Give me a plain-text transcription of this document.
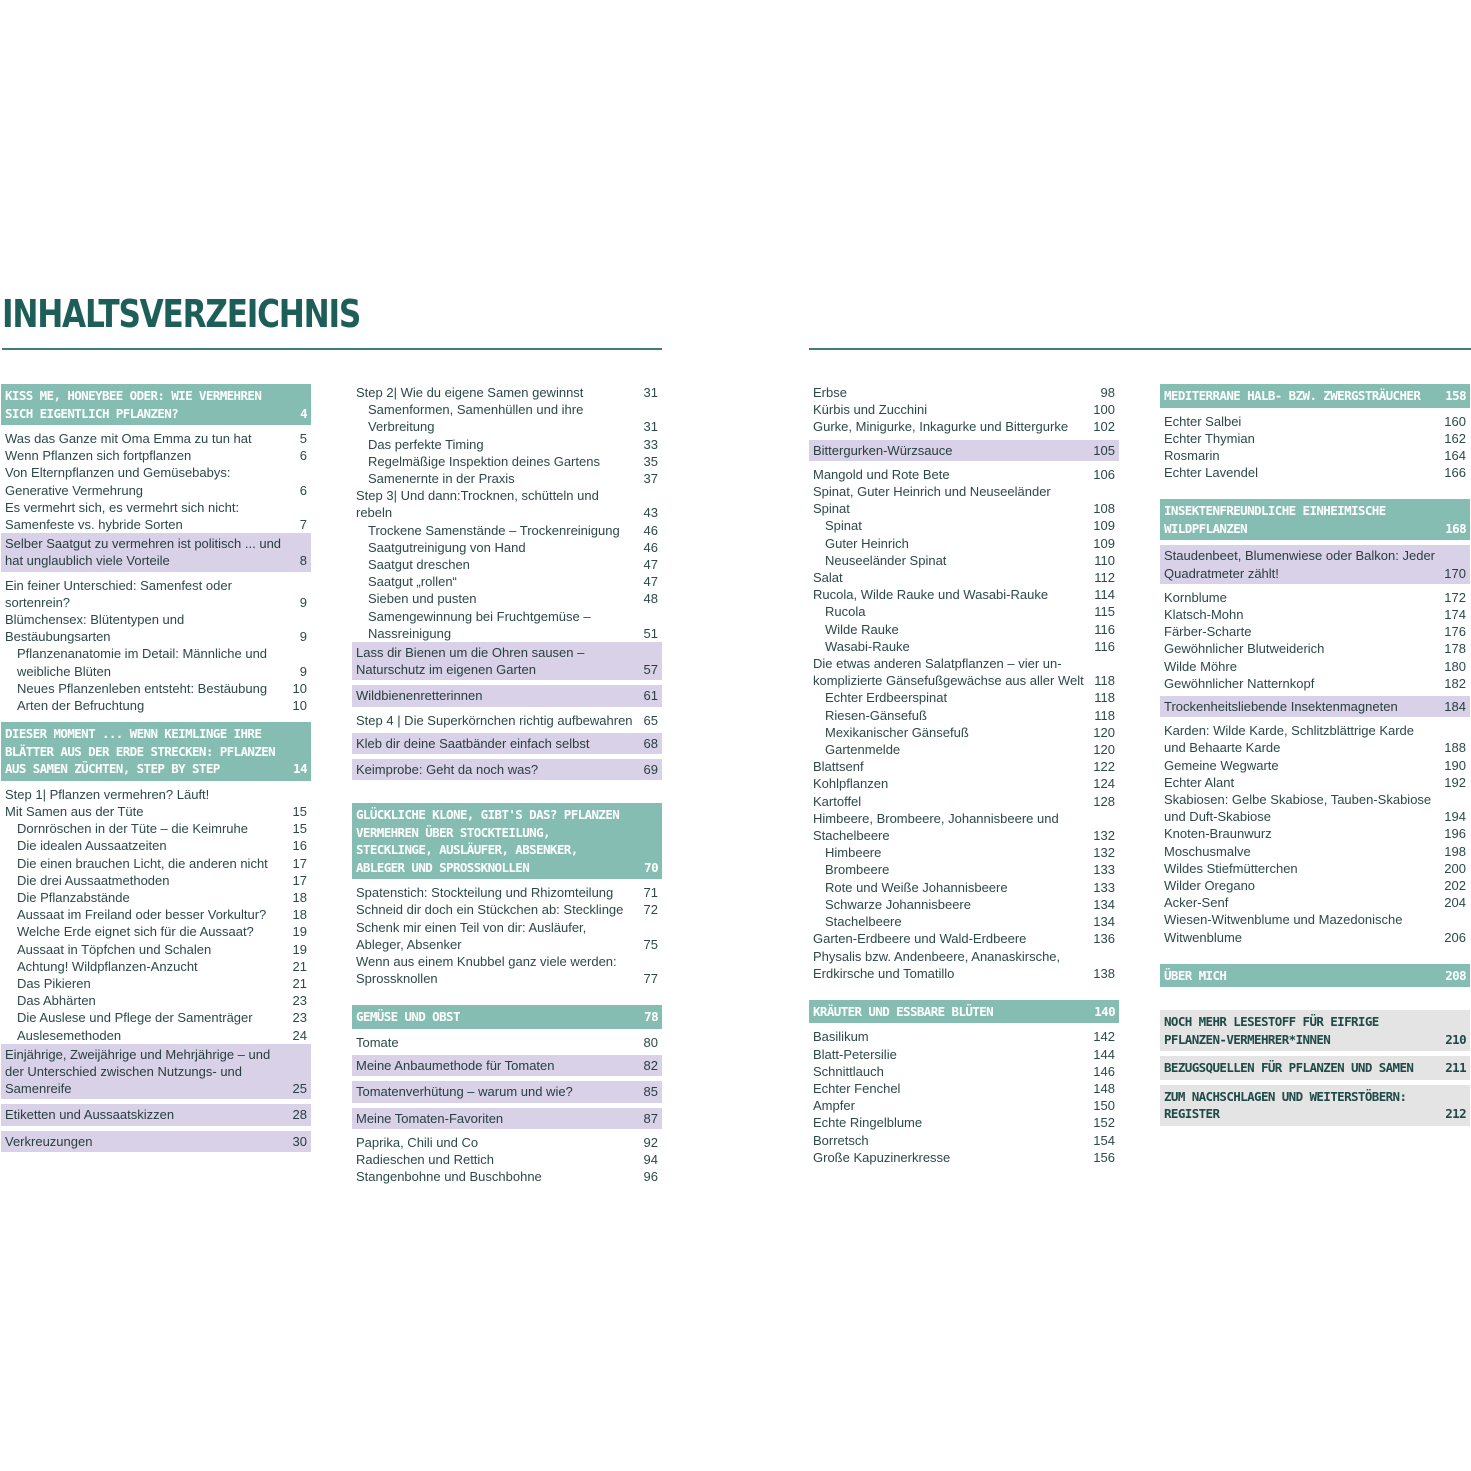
INHALTSVERZEICHNIS
KISS ME, HONEYBEE ODER: WIE VERMEHREN SICH EIGENTLICH PFLANZEN?	4
Was das Ganze mit Oma Emma zu tun hat	5
Wenn Pflanzen sich fortpflanzen	6
Von Elternpflanzen und Gemüsebabys: Generative Vermehrung	6
Es vermehrt sich, es vermehrt sich nicht: Samenfeste vs. hybride Sorten	7
Selber Saatgut zu vermehren ist politisch ... und hat unglaublich viele Vorteile	8
Ein feiner Unterschied: Samenfest oder sortenrein?	9
Blümchensex: Blütentypen und Bestäubungsarten	9
Pflanzenanatomie im Detail: Männliche und weibliche Blüten	9
Neues Pflanzenleben entsteht: Bestäubung	10
Arten der Befruchtung	10
DIESER MOMENT ... WENN KEIMLINGE IHRE BLÄTTER AUS DER ERDE STRECKEN: PFLANZEN AUS SAMEN ZÜCHTEN, STEP BY STEP	14
Step 1| Pflanzen vermehren? Läuft!
Mit Samen aus der Tüte	15
Dornröschen in der Tüte – die Keimruhe	15
Die idealen Aussaatzeiten	16
Die einen brauchen Licht, die anderen nicht	17
Die drei Aussaatmethoden	17
Die Pflanzabstände	18
Aussaat im Freiland oder besser Vorkultur?	18
Welche Erde eignet sich für die Aussaat?	19
Aussaat in Töpfchen und Schalen	19
Achtung! Wildpflanzen-Anzucht	21
Das Pikieren	21
Das Abhärten	23
Die Auslese und Pflege der Samenträger	23
Auslesemethoden	24
Einjährige, Zweijährige und Mehrjährige – und der Unterschied zwischen Nutzungs- und Samenreife	25
Etiketten und Aussaatskizzen	28
Verkreuzungen	30
Step 2| Wie du eigene Samen gewinnst	31
Samenformen, Samenhüllen und ihre Verbreitung	31
Das perfekte Timing	33
Regelmäßige Inspektion deines Gartens	35
Samenernte in der Praxis	37
Step 3| Und dann:Trocknen, schütteln und rebeln	43
Trockene Samenstände – Trockenreinigung	46
Saatgutreinigung von Hand	46
Saatgut dreschen	47
Saatgut „rollen“	47
Sieben und pusten	48
Samengewinnung bei Fruchtgemüse – Nassreinigung	51
Lass dir Bienen um die Ohren sausen – Naturschutz im eigenen Garten	57
Wildbienenretterinnen	61
Step 4 | Die Superkörnchen richtig aufbewahren 65
Kleb dir deine Saatbänder einfach selbst	68
Keimprobe: Geht da noch was?	69
GLÜCKLICHE KLONE, GIBT'S DAS? PFLANZEN VERMEHREN ÜBER STOCKTEILUNG, STECKLINGE, AUSLÄUFER, ABSENKER, ABLEGER UND SPROSSKNOLLEN	70
Spatenstich: Stockteilung und Rhizomteilung	71
Schneid dir doch ein Stückchen ab: Stecklinge	72
Schenk mir einen Teil von dir: Ausläufer, Ableger, Absenker	75
Wenn aus einem Knubbel ganz viele werden: Sprossknollen	77
GEMÜSE UND OBST	78
Tomate	80
Meine Anbaumethode für Tomaten	82
Tomatenverhütung – warum und wie?	85
Meine Tomaten-Favoriten	87
Paprika, Chili und Co	92
Radieschen und Rettich	94
Stangenbohne und Buschbohne	96
Erbse	98
Kürbis und Zucchini	100
Gurke, Minigurke, Inkagurke und Bittergurke	102
Bittergurken-Würzsauce	105
Mangold und Rote Bete	106
Spinat, Guter Heinrich und Neuseeländer Spinat	108
Spinat	109
Guter Heinrich	109
Neuseeländer Spinat	110
Salat	112
Rucola, Wilde Rauke und Wasabi-Rauke	114
Rucola	115
Wilde Rauke	116
Wasabi-Rauke	116
Die etwas anderen Salatpflanzen – vier un-komplizierte Gänsefußgewächse aus aller Welt 118
Echter Erdbeerspinat	118
Riesen-Gänsefuß	118
Mexikanischer Gänsefuß	120
Gartenmelde	120
Blattsenf	122
Kohlpflanzen	124
Kartoffel	128
Himbeere, Brombeere, Johannisbeere und Stachelbeere	132
Himbeere	132
Brombeere	133
Rote und Weiße Johannisbeere	133
Schwarze Johannisbeere	134
Stachelbeere	134
Garten-Erdbeere und Wald-Erdbeere	136
Physalis bzw. Andenbeere, Ananaskirsche, Erdkirsche und Tomatillo	138
KRÄUTER UND ESSBARE BLÜTEN	140
Basilikum	142
Blatt-Petersilie	144
Schnittlauch	146
Echter Fenchel	148
Ampfer	150
Echte Ringelblume	152
Borretsch	154
Große Kapuzinerkresse	156
MEDITERRANE HALB- BZW. ZWERGSTRÄUCHER	158
Echter Salbei	160
Echter Thymian	162
Rosmarin	164
Echter Lavendel	166
INSEKTENFREUNDLICHE EINHEIMISCHE WILDPFLANZEN	168
Staudenbeet, Blumenwiese oder Balkon: Jeder Quadratmeter zählt!	170
Kornblume	172
Klatsch-Mohn	174
Färber-Scharte	176
Gewöhnlicher Blutweiderich	178
Wilde Möhre	180
Gewöhnlicher Natternkopf	182
Trockenheitsliebende Insektenmagneten	184
Karden: Wilde Karde, Schlitzblättrige Karde und Behaarte Karde	188
Gemeine Wegwarte	190
Echter Alant	192
Skabiosen: Gelbe Skabiose, Tauben-Skabiose und Duft-Skabiose	194
Knoten-Braunwurz	196
Moschusmalve	198
Wildes Stiefmütterchen	200
Wilder Oregano	202
Acker-Senf	204
Wiesen-Witwenblume und Mazedonische Witwenblume	206
ÜBER MICH	208
NOCH MEHR LESESTOFF FÜR EIFRIGE PFLANZEN-VERMEHRER*INNEN	210
BEZUGSQUELLEN FÜR PFLANZEN UND SAMEN	211
ZUM NACHSCHLAGEN UND WEITERSTÖBERN: REGISTER	212
